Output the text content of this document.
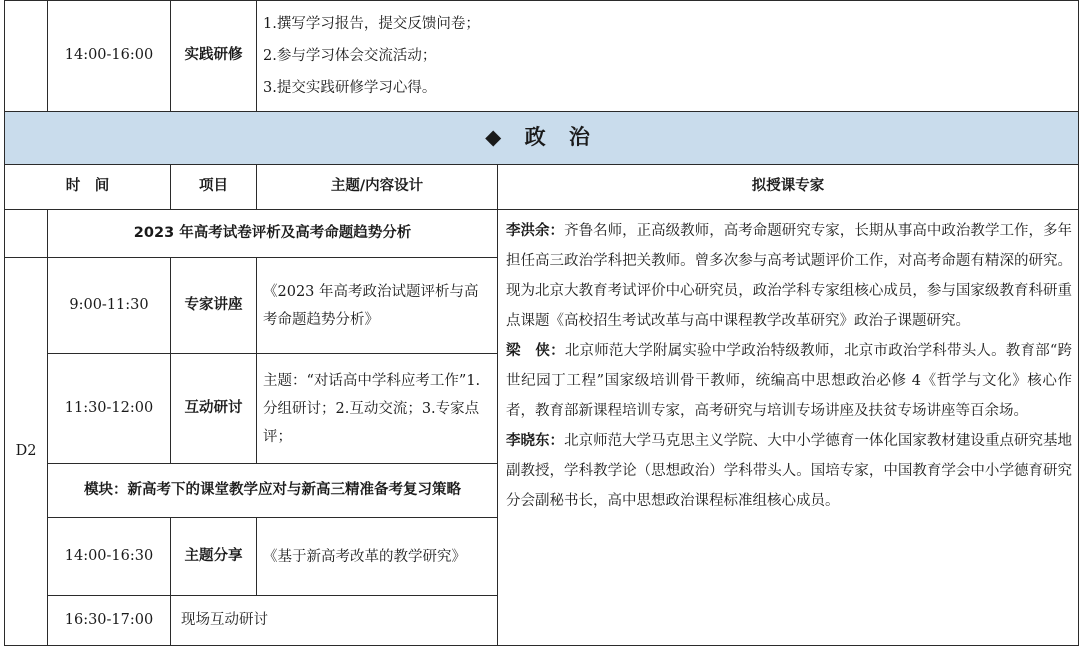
	14:00-16:00	实践研修	1.撰写学习报告，提交反馈问卷；
2.参与学习体会交流活动；
3.提交实践研修学习心得。	

◆ 政 治				
时　间		项目	主题/内容设计	拟授课专家
	2023 年高考试卷评析及高考命题趋势分析			李洪余：齐鲁名师，正高级教师，高考命题研究专家，长期从事高中政治教学工作，多年担任高三政治学科把关教师。曾多次参与高考试题评价工作，对高考命题有精深的研究。现为北京大教育考试评价中心研究员，政治学科专家组核心成员，参与国家级教育科研重点课题《高校招生考试改革与高中课程教学改革研究》政治子课题研究。

梁　侠：北京师范大学附属实验中学政治特级教师，北京市政治学科带头人。教育部“跨世纪园丁工程”国家级培训骨干教师，统编高中思想政治必修 4《哲学与文化》核心作者，教育部新课程培训专家，高考研究与培训专场讲座及扶贫专场讲座等百余场。

李晓东：北京师范大学马克思主义学院、大中小学德育一体化国家教材建设重点研究基地副教授，学科教学论（思想政治）学科带头人。国培专家，中国教育学会中小学德育研究分会副秘书长，高中思想政治课程标准组核心成员。

D2	9:00-11:30	专家讲座	《2023 年高考政治试题评析与高考命题趋势分析》	
	11:30-12:00	互动研讨	主题：“对话高中学科应考工作”1.分组研讨；2.互动交流；3.专家点评；	
	模块：新高考下的课堂教学应对与新高三精准备考复习策略			
	14:00-16:30	主题分享	《基于新高考改革的教学研究》	
	16:30-17:00	现场互动研讨		
